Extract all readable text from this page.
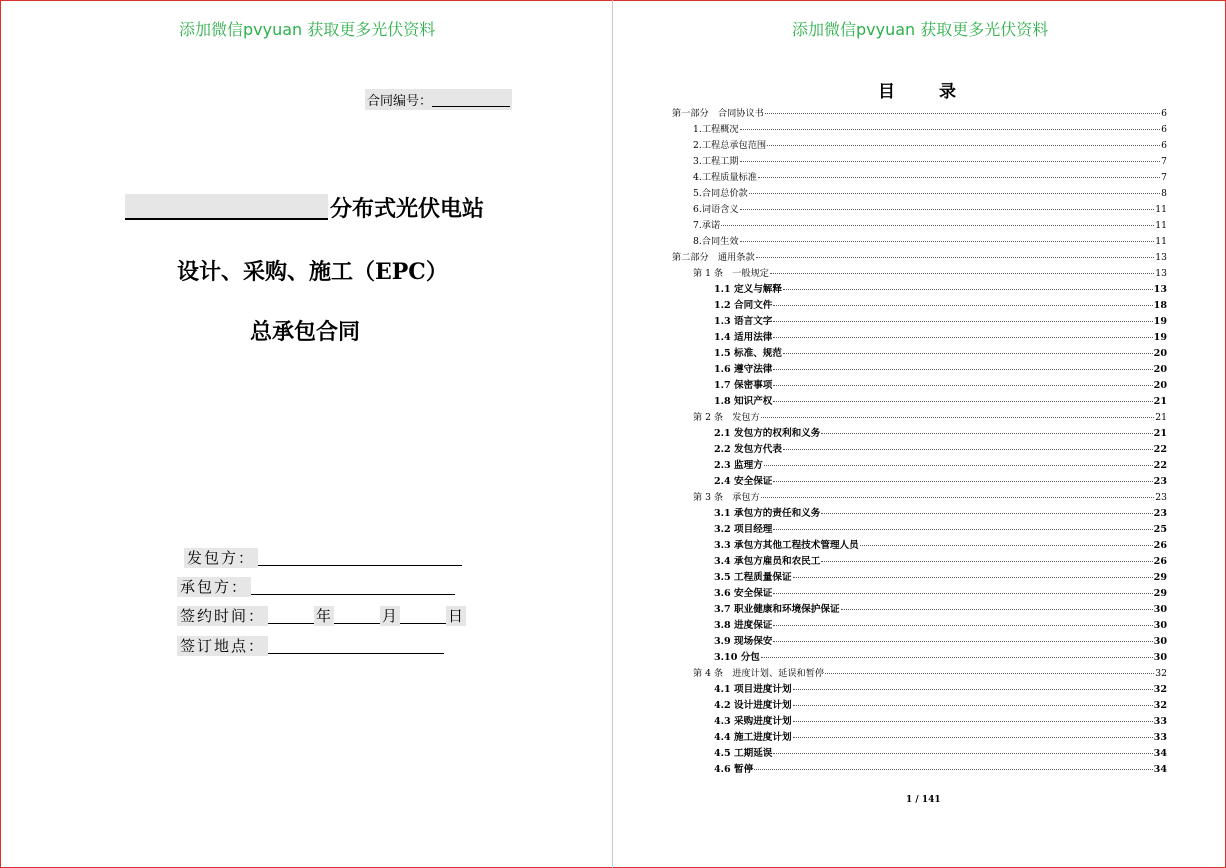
添加微信pvyuan 获取更多光伏资料
合同编号：
分布式光伏电站
设计、采购、施工（EPC）
总承包合同
发包方：
承包方：
签约时间：	年	月	日
签订地点：
添加微信pvyuan 获取更多光伏资料
目录
第一部分　合同协议书	6
1.工程概况	6
2.工程总承包范围	6
3.工程工期	7
4.工程质量标准	7
5.合同总价款	8
6.词语含义	11
7.承诺	11
8.合同生效	11
第二部分　通用条款	13
第 1 条　一般规定	13
1.1 定义与解释	13
1.2 合同文件	18
1.3 语言文字	19
1.4 适用法律	19
1.5 标准、规范	20
1.6 遵守法律	20
1.7 保密事项	20
1.8 知识产权	21
第 2 条　发包方	21
2.1 发包方的权利和义务	21
2.2 发包方代表	22
2.3 监理方	22
2.4 安全保证	23
第 3 条　承包方	23
3.1 承包方的责任和义务	23
3.2 项目经理	25
3.3 承包方其他工程技术管理人员	26
3.4 承包方雇员和农民工	26
3.5 工程质量保证	29
3.6 安全保证	29
3.7 职业健康和环境保护保证	30
3.8 进度保证	30
3.9 现场保安	30
3.10 分包	30
第 4 条　进度计划、延误和暂停	32
4.1 项目进度计划	32
4.2 设计进度计划	32
4.3 采购进度计划	33
4.4 施工进度计划	33
4.5 工期延误	34
4.6 暂停	34
1 / 141
